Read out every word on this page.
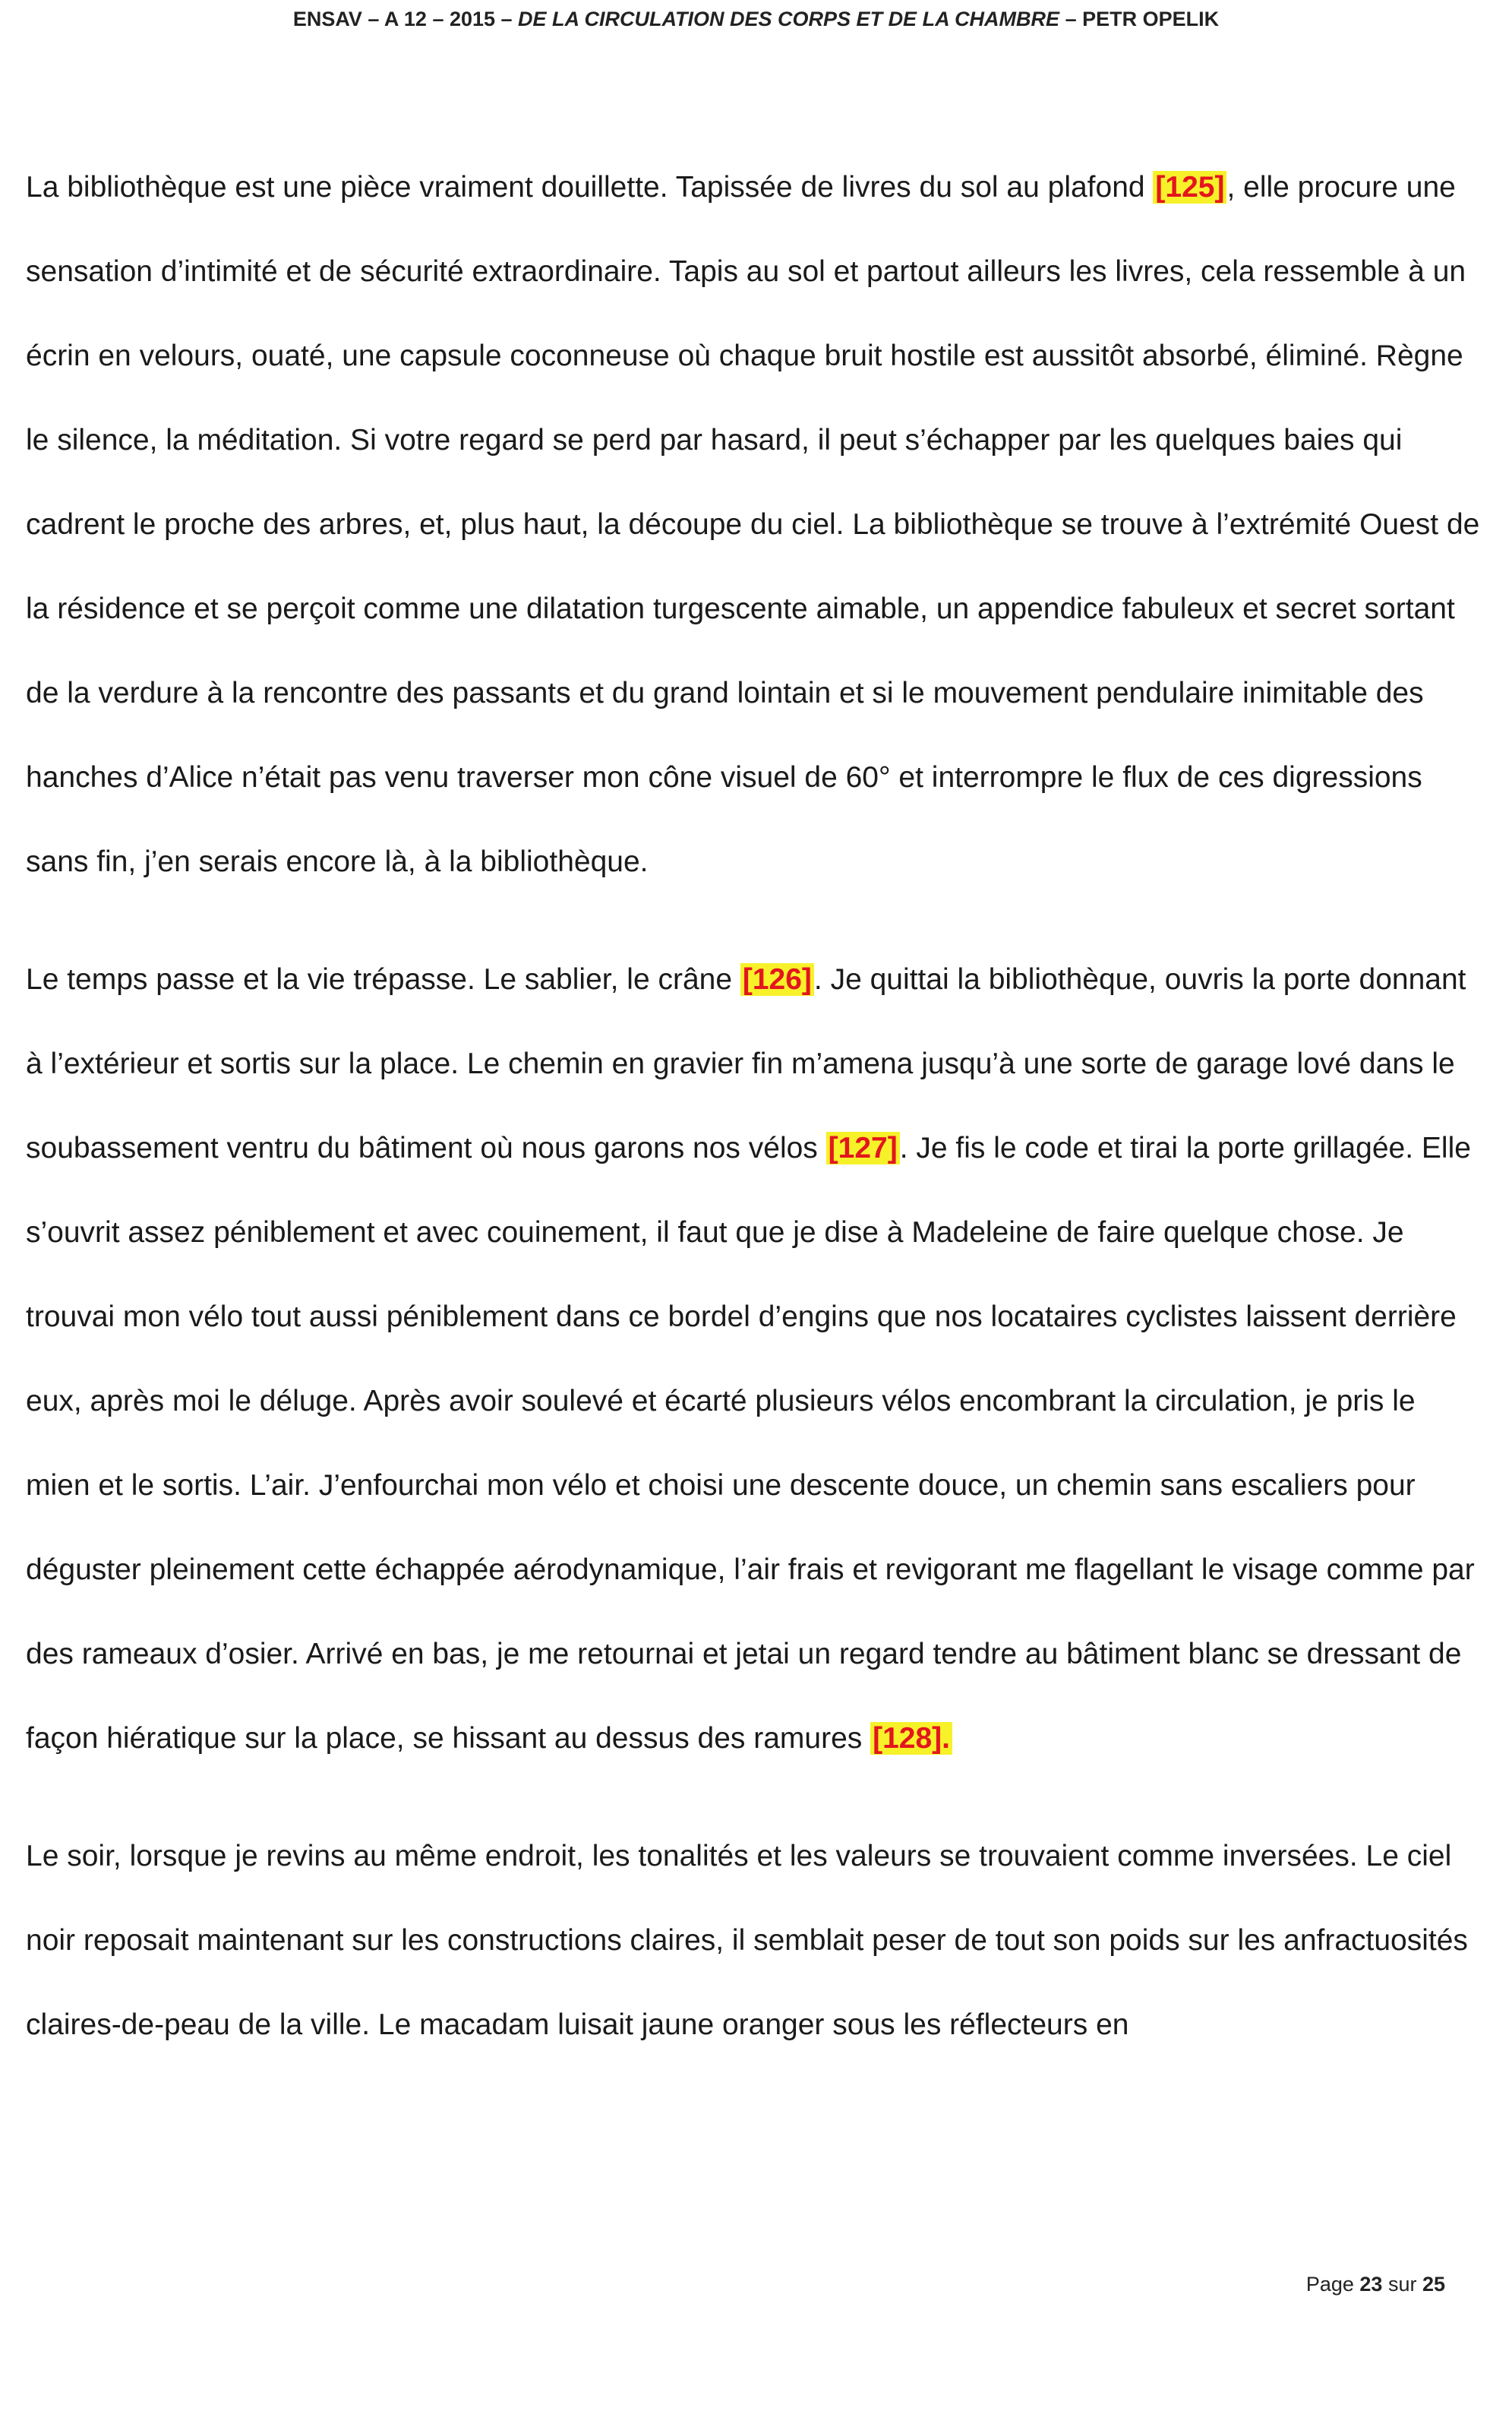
ENSAV – A 12 – 2015 – DE LA CIRCULATION DES CORPS ET DE LA CHAMBRE – PETR OPELIK

La bibliothèque est une pièce vraiment douillette. Tapissée de livres du sol au plafond [125], elle procure une sensation d’intimité et de sécurité extraordinaire. Tapis au sol et partout ailleurs les livres, cela ressemble à un écrin en velours, ouaté, une capsule coconneuse où chaque bruit hostile est aussitôt absorbé, éliminé. Règne le silence, la méditation. Si votre regard se perd par hasard, il peut s’échapper par les quelques baies qui cadrent le proche des arbres, et, plus haut, la découpe du ciel. La bibliothèque se trouve à l’extrémité Ouest de la résidence et se perçoit comme une dilatation turgescente aimable, un appendice fabuleux et secret sortant de la verdure à la rencontre des passants et du grand lointain et si le mouvement pendulaire inimitable des hanches d’Alice n’était pas venu traverser mon cône visuel de 60° et interrompre le flux de ces digressions sans fin, j’en serais encore là, à la bibliothèque.

Le temps passe et la vie trépasse. Le sablier, le crâne [126]. Je quittai la bibliothèque, ouvris la porte donnant à l’extérieur et sortis sur la place. Le chemin en gravier fin m’amena jusqu’à une sorte de garage lové dans le soubassement ventru du bâtiment où nous garons nos vélos [127]. Je fis le code et tirai la porte grillagée. Elle s’ouvrit assez péniblement et avec couinement, il faut que je dise à Madeleine de faire quelque chose. Je trouvai mon vélo tout aussi péniblement dans ce bordel d’engins que nos locataires cyclistes laissent derrière eux, après moi le déluge. Après avoir soulevé et écarté plusieurs vélos encombrant la circulation, je pris le mien et le sortis. L’air. J’enfourchai mon vélo et choisi une descente douce, un chemin sans escaliers pour déguster pleinement cette échappée aérodynamique, l’air frais et revigorant me flagellant le visage comme par des rameaux d’osier. Arrivé en bas, je me retournai et jetai un regard tendre au bâtiment blanc se dressant de façon hiératique sur la place, se hissant au dessus des ramures [128].

Le soir, lorsque je revins au même endroit, les tonalités et les valeurs se trouvaient comme inversées. Le ciel noir reposait maintenant sur les constructions claires, il semblait peser de tout son poids sur les anfractuosités claires-de-peau de la ville. Le macadam luisait jaune oranger sous les réflecteurs en

Page 23 sur 25
